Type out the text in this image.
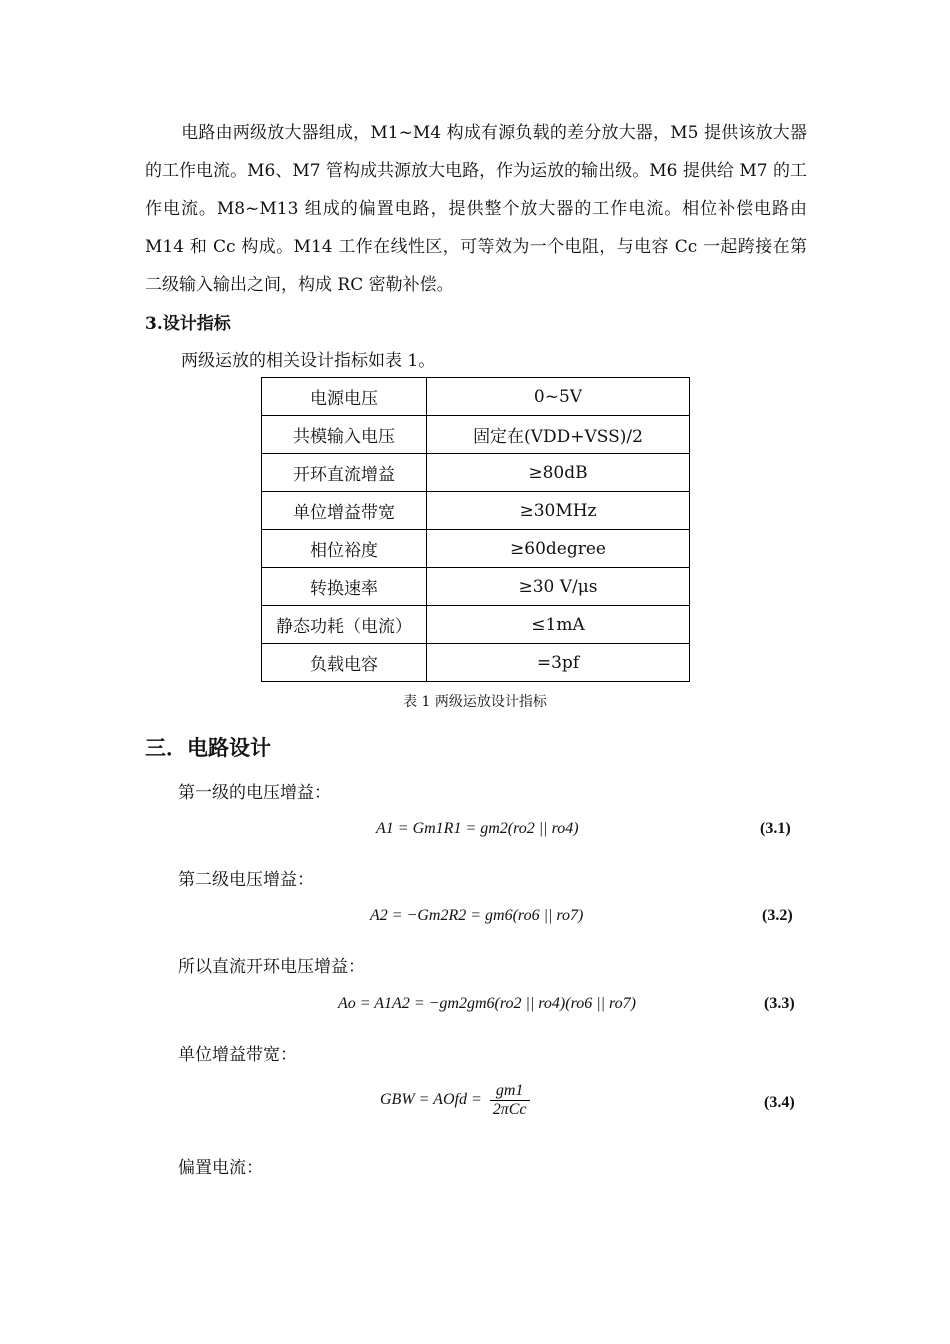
电路由两级放大器组成，M1~M4 构成有源负载的差分放大器，M5 提供该放大器的工作电流。M6、M7 管构成共源放大电路，作为运放的输出级。M6 提供给 M7 的工作电流。M8~M13 组成的偏置电路，提供整个放大器的工作电流。相位补偿电路由 M14 和 Cc 构成。M14 工作在线性区，可等效为一个电阻，与电容 Cc 一起跨接在第二级输入输出之间，构成 RC 密勒补偿。
3.设计指标
两级运放的相关设计指标如表 1。
电源电压	0~5V
共模输入电压	固定在(VDD+VSS)/2
开环直流增益	≥80dB
单位增益带宽	≥30MHz
相位裕度	≥60degree
转换速率	≥30 V/μs
静态功耗（电流）	≤1mA
负载电容	=3pf
表 1 两级运放设计指标
三．电路设计
第一级的电压增益：
A1 = Gm1R1 = gm2(ro2 || ro4)	(3.1)
第二级电压增益：
A2 = −Gm2R2 = gm6(ro6 || ro7)	(3.2)
所以直流开环电压增益：
Ao = A1A2 = −gm2gm6(ro2 || ro4)(ro6 || ro7)	(3.3)
单位增益带宽：
GBW = AOfd = $\frac{gm1}{\text{2πCc}}$	(3.4)
偏置电流：
